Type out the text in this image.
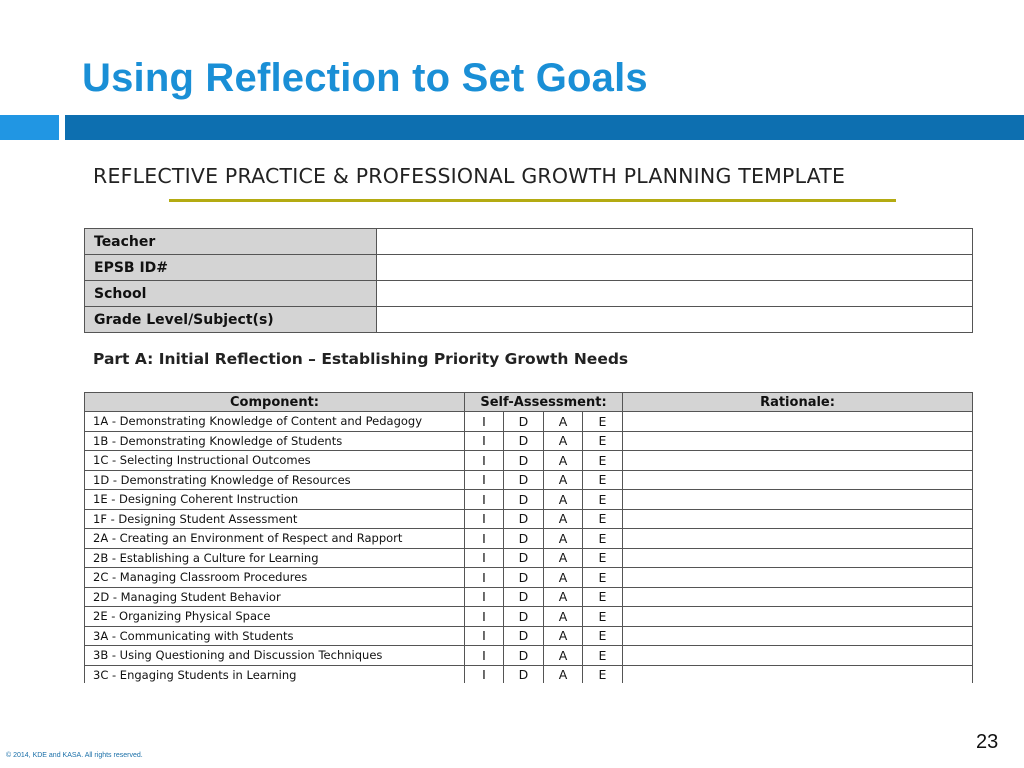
Using Reflection to Set Goals
REFLECTIVE PRACTICE & PROFESSIONAL GROWTH PLANNING TEMPLATE
Teacher	
EPSB ID#	
School	
Grade Level/Subject(s)	
Part A: Initial Reflection – Establishing Priority Growth Needs
Component:	Self-Assessment:				Rationale:
1A - Demonstrating Knowledge of Content and Pedagogy	I	D	A	E	
1B - Demonstrating Knowledge of Students	I	D	A	E	
1C - Selecting Instructional Outcomes	I	D	A	E	
1D - Demonstrating Knowledge of Resources	I	D	A	E	
1E - Designing Coherent Instruction	I	D	A	E	
1F - Designing Student Assessment	I	D	A	E	
2A - Creating an Environment of Respect and Rapport	I	D	A	E	
2B - Establishing a Culture for Learning	I	D	A	E	
2C - Managing Classroom Procedures	I	D	A	E	
2D - Managing Student Behavior	I	D	A	E	
2E - Organizing Physical Space	I	D	A	E	
3A - Communicating with Students	I	D	A	E	
3B - Using Questioning and Discussion Techniques	I	D	A	E	
3C - Engaging Students in Learning	I	D	A	E	
© 2014, KDE and KASA. All rights reserved.
23
